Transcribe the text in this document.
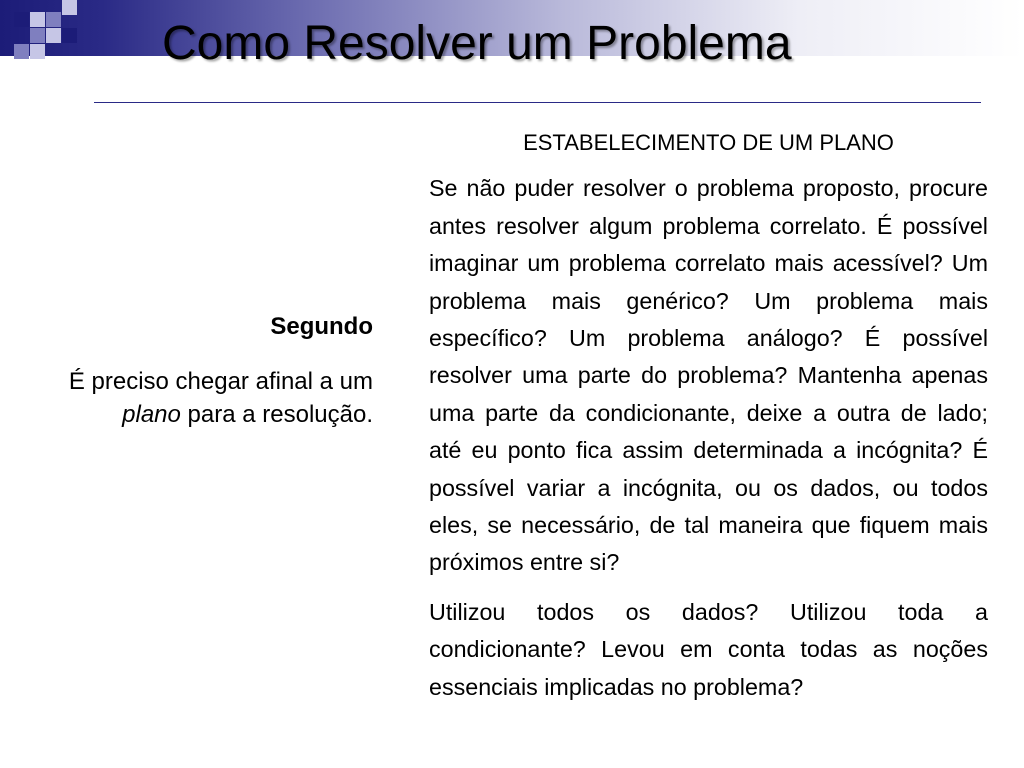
Como Resolver um Problema

Segundo

É preciso chegar afinal a um plano para a resolução.

ESTABELECIMENTO DE UM PLANO

Se não puder resolver o problema proposto, procure antes resolver algum problema correlato. É possível imaginar um problema correlato mais acessível? Um problema mais genérico? Um problema mais específico? Um problema análogo? É possível resolver uma parte do problema? Mantenha apenas uma parte da condicionante, deixe a outra de lado; até eu ponto fica assim determinada a incógnita? É possível variar a incógnita, ou os dados, ou todos eles, se necessário, de tal maneira que fiquem mais próximos entre si?

Utilizou todos os dados? Utilizou toda a condicionante? Levou em conta todas as noções essenciais implicadas no problema?
